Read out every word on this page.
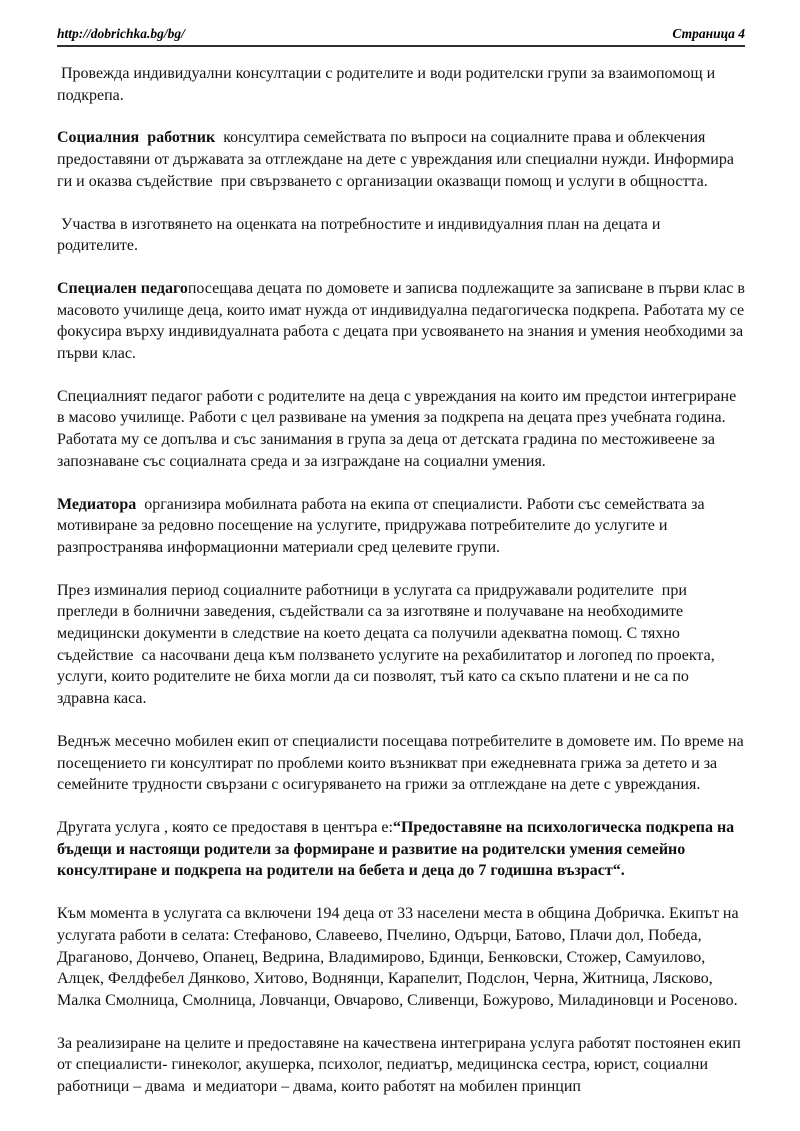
http://dobrichka.bg/bg/	Страница 4

Провежда индивидуални консултации с родителите и води родителски групи за взаимопомощ и подкрепа.

Социалния  работник  консултира семействата по въпроси на социалните права и облекчения предоставяни от държавата за отглеждане на дете с увреждания или специални нужди. Информира ги и оказва съдействие  при свързването с организации оказващи помощ и услуги в общността.

Участва в изготвянето на оценката на потребностите и индивидуалния план на децата и родителите.

Специален педагопосещава децата по домовете и записва подлежащите за записване в първи клас в масовото училище деца, които имат нужда от индивидуална педагогическа подкрепа. Работата му се фокусира върху индивидуалната работа с децата при усвояването на знания и умения необходими за първи клас.

Специалният педагог работи с родителите на деца с увреждания на които им предстои интегриране в масово училище. Работи с цел развиване на умения за подкрепа на децата през учебната година.  Работата му се допълва и със занимания в група за деца от детската градина по местоживеене за запознаване със социалната среда и за изграждане на социални умения.

Медиатора  организира мобилната работа на екипа от специалисти. Работи със семействата за мотивиране за редовно посещение на услугите, придружава потребителите до услугите и разпространява информационни материали сред целевите групи.

През изминалия период социалните работници в услугата са придружавали родителите  при прегледи в болнични заведения, съдействали са за изготвяне и получаване на необходимите медицински документи в следствие на което децата са получили адекватна помощ. С тяхно съдействие  са насочвани деца към ползването услугите на рехабилитатор и логопед по проекта, услуги, които родителите не биха могли да си позволят, тъй като са скъпо платени и не са по здравна каса.

Веднъж месечно мобилен екип от специалисти посещава потребителите в домовете им. По време на посещението ги консултират по проблеми които възникват при ежедневната грижа за детето и за семейните трудности свързани с осигуряването на грижи за отглеждане на дете с увреждания.

Другата услуга , която се предоставя в центъра е:“Предоставяне на психологическа подкрепа на бъдещи и настоящи родители за формиране и развитие на родителски умения семейно консултиране и подкрепа на родители на бебета и деца до 7 годишна възраст“.

Към момента в услугата са включени 194 деца от 33 населени места в община Добричка. Екипът на услугата работи в селата: Стефаново, Славеево, Пчелино, Одърци, Батово, Плачи дол, Победа, Драганово, Дончево, Опанец, Ведрина, Владимирово, Бдинци, Бенковски, Стожер, Самуилово, Алцек, Фелдфебел Дянково, Хитово, Воднянци, Карапелит, Подслон, Черна, Житница, Лясково, Малка Смолница, Смолница, Ловчанци, Овчарово, Сливенци, Божурово, Миладиновци и Росеново.

За реализиране на целите и предоставяне на качествена интегрирана услуга работят постоянен екип от специалисти- гинеколог, акушерка, психолог, педиатър, медицинска сестра, юрист, социални работници – двама  и медиатори – двама, които работят на мобилен принцип
